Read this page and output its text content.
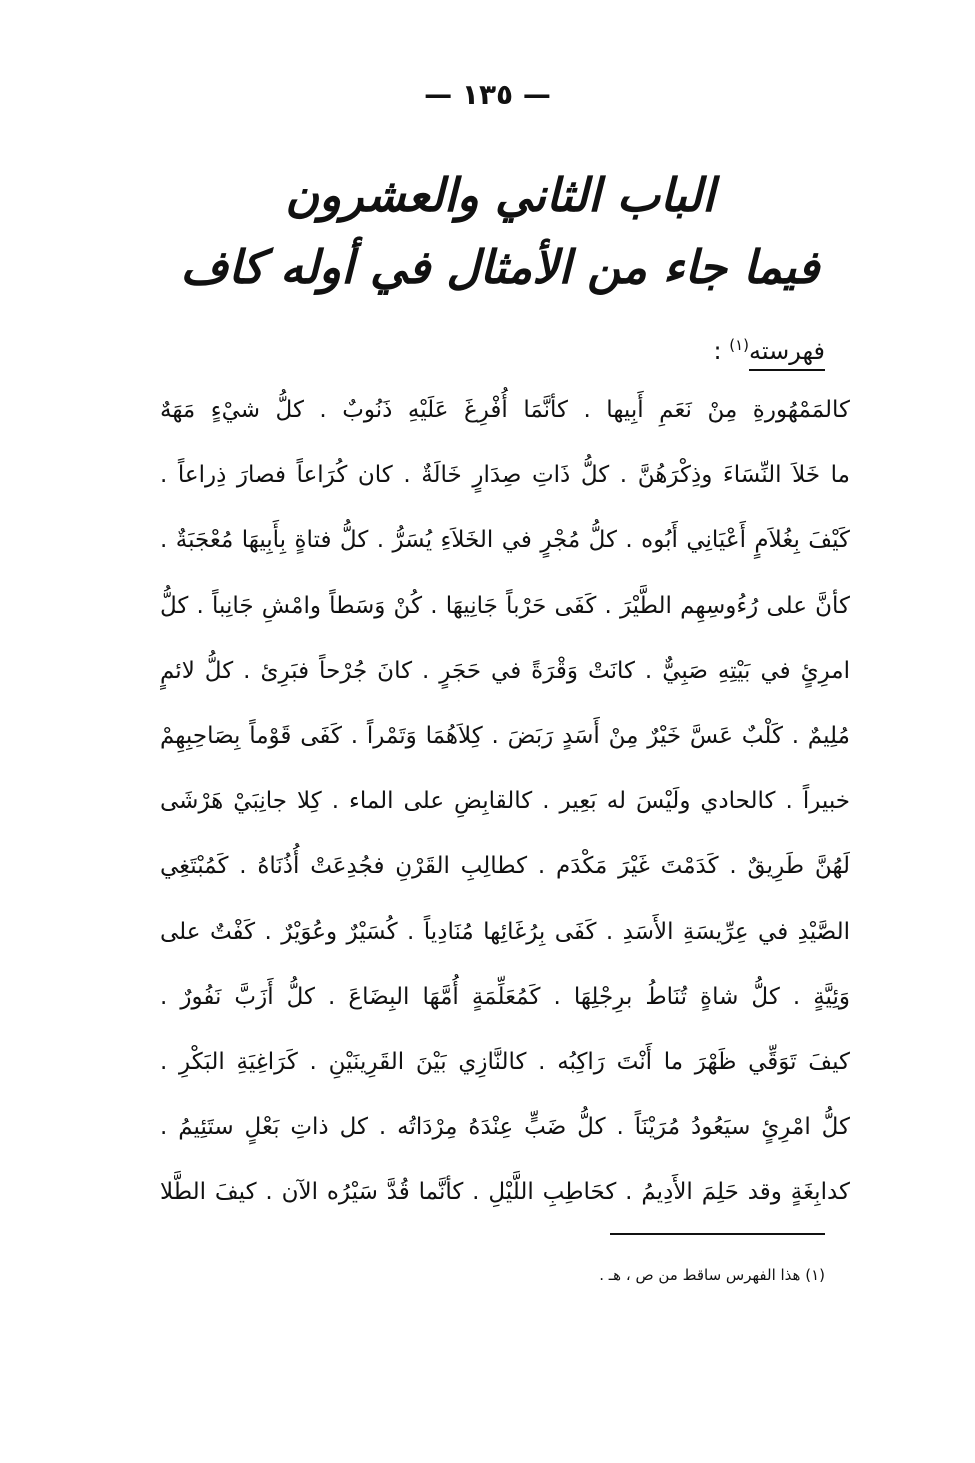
— ١٣٥ —
الباب الثاني والعشرون
فيما جاء من الأمثال في أوله كاف
فهرسته$^{(١)}$ :
كالمَمْهُورةِ مِنْ نَعَمِ أَبِيها . كأنَّمَا أُفْرِغَ عَلَيْهِ ذَنُوبٌ . كلُّ شيْءٍ مَهَهٌ
ما خَلاَ النِّسَاءَ وذِكْرَهُنَّ . كلُّ ذَاتِ صِدَارٍ خَالَةٌ . كان كُرَاعاً فصارَ ذِراعاً .
كَيْفَ بِغُلاَمٍ أَعْيَانِي أَبُوه . كلُّ مُجْرٍ في الخَلاَءِ يُسَرُّ . كلُّ فتاةٍ بِأَبِيهَا مُعْجَبَةٌ .
كأنَّ على رُءُوسِهِم الطَّيْرَ . كَفَى حَرْباً جَانِيهَا . كُنْ وَسَطاً وامْشِ جَانِباً . كلُّ
امرِئٍ في بَيْتِهِ صَبِيٌّ . كانَتْ وَقْرَةً في حَجَرٍ . كانَ جُرْحاً فبَرِئ . كلُّ لائمٍ
مُلِيمٌ . كَلْبٌ عَسَّ خَيْرٌ مِنْ أَسَدٍ رَبَضَ . كِلاَهُمَا وَتَمْراً . كَفَى قَوْماً بِصَاحِبِهِمْ
خبيراً . كالحادي ولَيْسَ له بَعِير . كالقابِضِ على الماء . كِلا جانِبَيْ هَرْشَى
لَهُنَّ طَرِيقٌ . كَدَمْتَ غَيْرَ مَكْدَم . كطالِبِ القَرْنِ فجُدِعَتْ أُذُنَاهُ . كَمُبْتَغِي
الصَّيْدِ في عِرِّيسَةِ الأَسَدِ . كَفَى بِرُغَائِها مُنَادِياً . كُسَيْرٌ وعُوَيْرٌ . كَفْتٌ على
وَئِيَّةٍ . كلُّ شاةٍ تُنَاطُ برِجْلِهَا . كَمُعَلِّمَةٍ أُمَّهَا البِضَاعَ . كلُّ أَزَبَّ نَفُورٌ .
كيفَ تَوَقِّي ظَهْرَ ما أَنْتَ رَاكِبُه . كالنَّازِي بَيْنَ القَرِينَيْنِ . كَرَاغِيَةِ البَكْرِ .
كلُّ امْرِئٍ سيَعُودُ مُرَيْنَاً . كلُّ ضَبٍّ عِنْدَهُ مِرْدَاتُه . كل ذاتِ بَعْلٍ ستَئِيمُ .
كدابِغَةٍ وقد حَلِمَ الأَدِيمُ . كحَاطِبِ اللَّيْلِ . كأنَّما قُدَّ سَيْرُه الآن . كيفَ الطَّلا
(١) هذا الفهرس ساقط من ص ، هـ .
